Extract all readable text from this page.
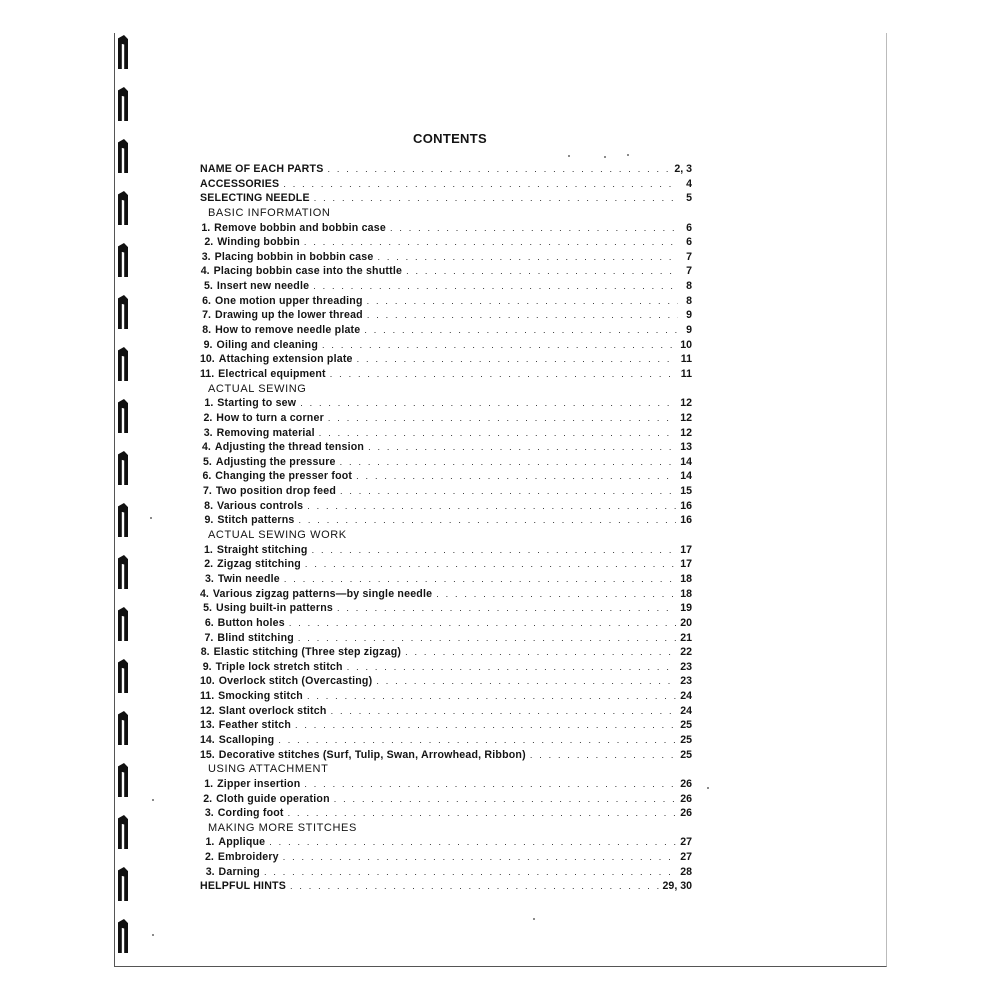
CONTENTS
NAME OF EACH PARTS . . .	2, 3
ACCESSORIES . . .	4
SELECTING NEEDLE . . .	5
BASIC INFORMATION
1. Remove bobbin and bobbin case . . .	6
2. Winding bobbin . . .	6
3. Placing bobbin in bobbin case . . .	7
4. Placing bobbin case into the shuttle . . .	7
5. Insert new needle . . .	8
6. One motion upper threading . . .	8
7. Drawing up the lower thread . . .	9
8. How to remove needle plate . . .	9
9. Oiling and cleaning . . .	10
10. Attaching extension plate . . .	11
11. Electrical equipment . . .	11
ACTUAL SEWING
1. Starting to sew . . .	12
2. How to turn a corner . . .	12
3. Removing material . . .	12
4. Adjusting the thread tension . . .	13
5. Adjusting the pressure . . .	14
6. Changing the presser foot . . .	14
7. Two position drop feed . . .	15
8. Various controls . . .	16
9. Stitch patterns . . .	16
ACTUAL SEWING WORK
1. Straight stitching . . .	17
2. Zigzag stitching . . .	17
3. Twin needle . . .	18
4. Various zigzag patterns—by single needle . . .	18
5. Using built-in patterns . . .	19
6. Button holes . . .	20
7. Blind stitching . . .	21
8. Elastic stitching (Three step zigzag) . . .	22
9. Triple lock stretch stitch . . .	23
10. Overlock stitch (Overcasting) . . .	23
11. Smocking stitch . . .	24
12. Slant overlock stitch . . .	24
13. Feather stitch . . .	25
14. Scalloping . . .	25
15. Decorative stitches (Surf, Tulip, Swan, Arrowhead, Ribbon) . . .	25
USING ATTACHMENT
1. Zipper insertion . . .	26
2. Cloth guide operation . . .	26
3. Cording foot . . .	26
MAKING MORE STITCHES
1. Applique . . .	27
2. Embroidery . . .	27
3. Darning . . .	28
HELPFUL HINTS . . .	29, 30
